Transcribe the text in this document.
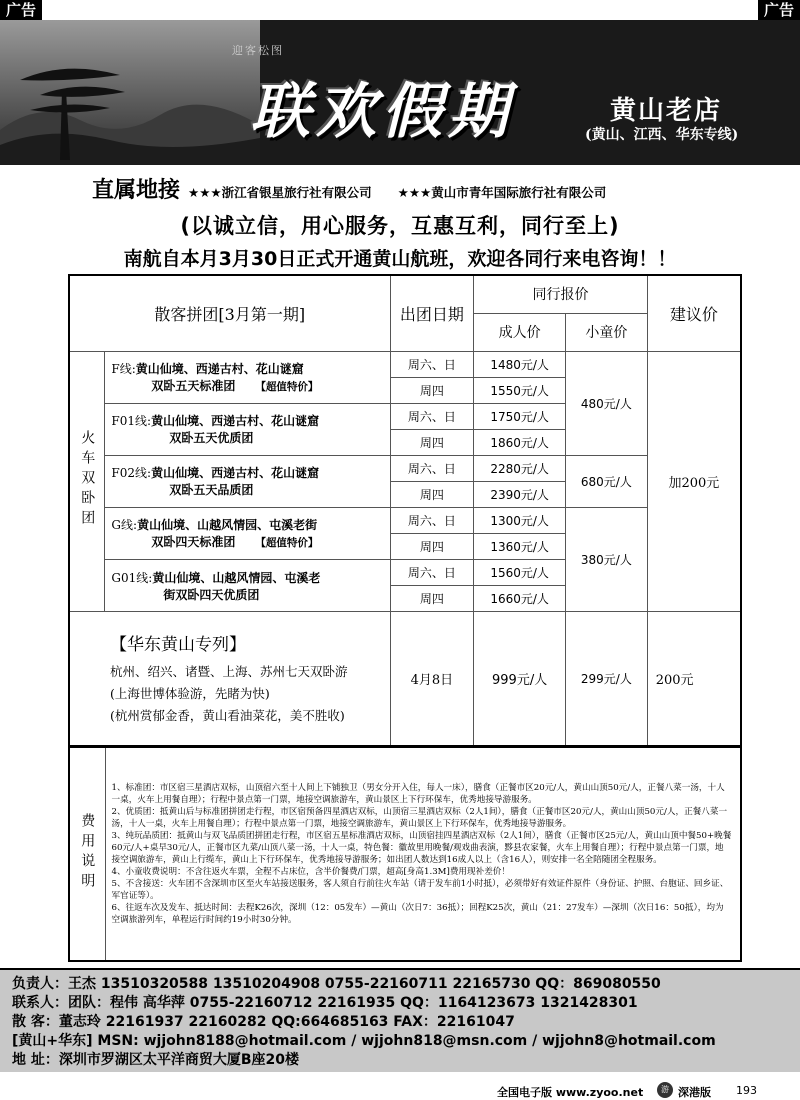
广告	广告
迎客松图
联欢假期	黄山老店
(黄山、江西、华东专线)
直属地接 ★★★浙江省银星旅行社有限公司 ★★★黄山市青年国际旅行社有限公司
(以诚立信，用心服务，互惠互利，同行至上)
南航自本月3月30日正式开通黄山航班，欢迎各同行来电咨询！！
散客拼团[3月第一期]		出团日期	同行报价		建议价
			成人价	小童价	
火车双卧团	F线:黄山仙境、西递古村、花山谜窟
双卧五天标准团 【超值特价】	周六、日	1480元/人	480元/人	加200元
		周四	1550元/人		
	F01线:黄山仙境、西递古村、花山谜窟
双卧五天优质团	周六、日	1750元/人		
		周四	1860元/人		
	F02线:黄山仙境、西递古村、花山谜窟
双卧五天品质团	周六、日	2280元/人	680元/人	
		周四	2390元/人		
	G线:黄山仙境、山越风情园、屯溪老街
双卧四天标准团 【超值特价】	周六、日	1300元/人	380元/人	
		周四	1360元/人		
	G01线:黄山仙境、山越风情园、屯溪老
街双卧四天优质团	周六、日	1560元/人		
		周四	1660元/人		

【华东黄山专列】
杭州、绍兴、诸暨、上海、苏州七天双卧游
(上海世博体验游，先睹为快)
(杭州赏郁金香，黄山看油菜花，美不胜收)		4月8日	999元/人	299元/人	200元
费用说明	
1、标准团：市区宿三星酒店双标，山顶宿六至十人间上下铺独卫（男女分开入住，每人一床），膳食（正餐市区20元/人，黄山山顶50元/人，正餐八菜一汤，十人一桌，火车上用餐自理）；行程中景点第一门票，地接空调旅游车，黄山景区上下行环保车，优秀地接导游服务。
2、优质团：抵黄山后与标准团拼团走行程，市区宿预备四星酒店双标，山顶宿三星酒店双标（2人1间），膳食（正餐市区20元/人，黄山山顶50元/人，正餐八菜一汤，十人一桌，火车上用餐自理）；行程中景点第一门票，地接空调旅游车，黄山景区上下行环保车，优秀地接导游服务。
3、纯玩品质团：抵黄山与双飞品质团拼团走行程，市区宿五星标准酒店双标，山顶宿挂四星酒店双标（2人1间），膳食（正餐市区25元/人，黄山山顶中餐50+晚餐60元/人+桌早30元/人，正餐市区九菜/山顶八菜一汤，十人一桌，特色餐：徽故里用晚餐/观戏曲表演，黟县农家餐，火车上用餐自理）；行程中景点第一门票，地接空调旅游车，黄山上行缆车，黄山上下行环保车，优秀地接导游服务；如出团人数达到16成人以上（含16人），则安排一名全陪随团全程服务。
4、小童收费说明：不含往返火车票，全程不占床位，含半价餐费/门票，超高[身高1.3M]费用现补差价！
5、不含接送：火车团不含深圳市区至火车站接送服务，客人须自行前往火车站（请于发车前1小时抵），必须带好有效证件原件（身份证、护照、台胞证、回乡证、军官证等）。
6、往返车次及发车、抵达时间：去程K26次，深圳（12：05发车）—黄山（次日7：36抵）；回程K25次，黄山（21：27发车）—深圳（次日16：50抵），均为空调旅游列车，单程运行时间约19小时30分钟。
负责人：王杰 13510320588 13510204908 0755-22160711 22165730 QQ：869080550
联系人：团队：程伟 高华萍 0755-22160712 22161935 QQ：1164123673 1321428301
散 客：董志玲 22161937 22160282 QQ:664685163 FAX：22161047
[黄山+华东] MSN: wjjohn8188@hotmail.com / wjjohn818@msn.com / wjjohn8@hotmail.com
地 址：深圳市罗湖区太平洋商贸大厦B座20楼
全国电子版 www.zyoo.net	游 深港版 193
